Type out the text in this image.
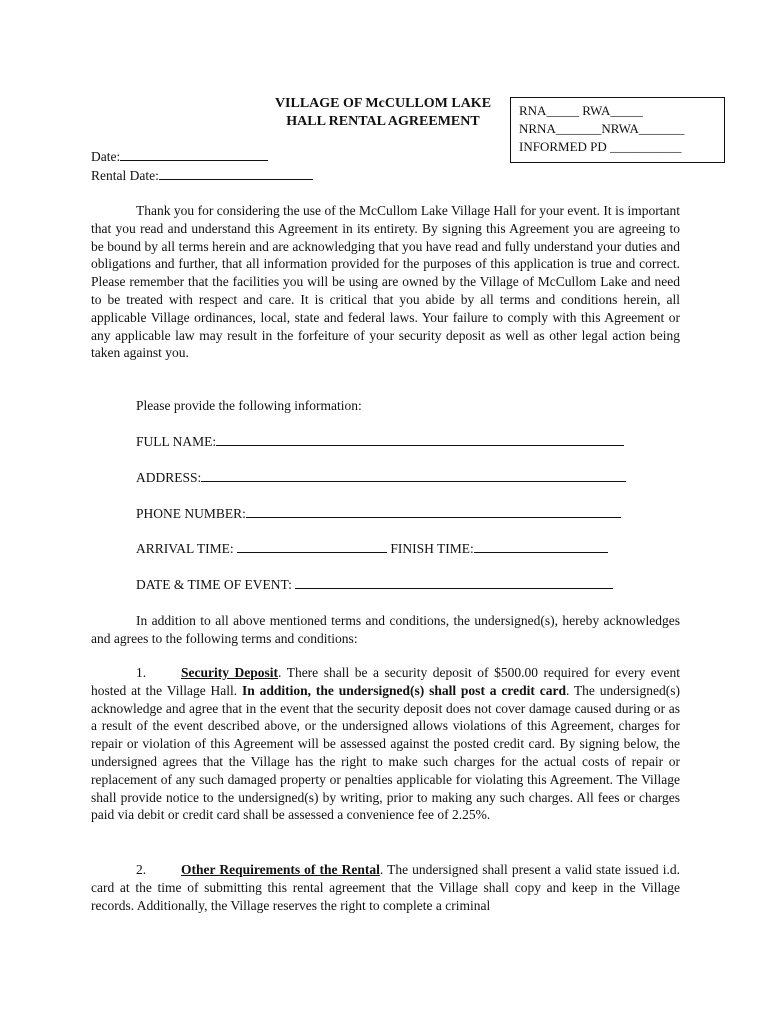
VILLAGE OF McCULLOM LAKE
HALL RENTAL AGREEMENT
RNA_____ RWA_____
NRNA_______NRWA_______
INFORMED PD ___________
Date:
Rental Date:
Thank you for considering the use of the McCullom Lake Village Hall for your event. It is important that you read and understand this Agreement in its entirety. By signing this Agreement you are agreeing to be bound by all terms herein and are acknowledging that you have read and fully understand your duties and obligations and further, that all information provided for the purposes of this application is true and correct. Please remember that the facilities you will be using are owned by the Village of McCullom Lake and need to be treated with respect and care. It is critical that you abide by all terms and conditions herein, all applicable Village ordinances, local, state and federal laws. Your failure to comply with this Agreement or any applicable law may result in the forfeiture of your security deposit as well as other legal action being taken against you.
Please provide the following information:
FULL NAME:
ADDRESS:
PHONE NUMBER:
ARRIVAL TIME:	FINISH TIME:
DATE & TIME OF EVENT:
In addition to all above mentioned terms and conditions, the undersigned(s), hereby acknowledges and agrees to the following terms and conditions:
1.	Security Deposit. There shall be a security deposit of $500.00 required for every event hosted at the Village Hall. In addition, the undersigned(s) shall post a credit card. The undersigned(s) acknowledge and agree that in the event that the security deposit does not cover damage caused during or as a result of the event described above, or the undersigned allows violations of this Agreement, charges for repair or violation of this Agreement will be assessed against the posted credit card. By signing below, the undersigned agrees that the Village has the right to make such charges for the actual costs of repair or replacement of any such damaged property or penalties applicable for violating this Agreement. The Village shall provide notice to the undersigned(s) by writing, prior to making any such charges. All fees or charges paid via debit or credit card shall be assessed a convenience fee of 2.25%.
2.	Other Requirements of the Rental. The undersigned shall present a valid state issued i.d. card at the time of submitting this rental agreement that the Village shall copy and keep in the Village records. Additionally, the Village reserves the right to complete a criminal
